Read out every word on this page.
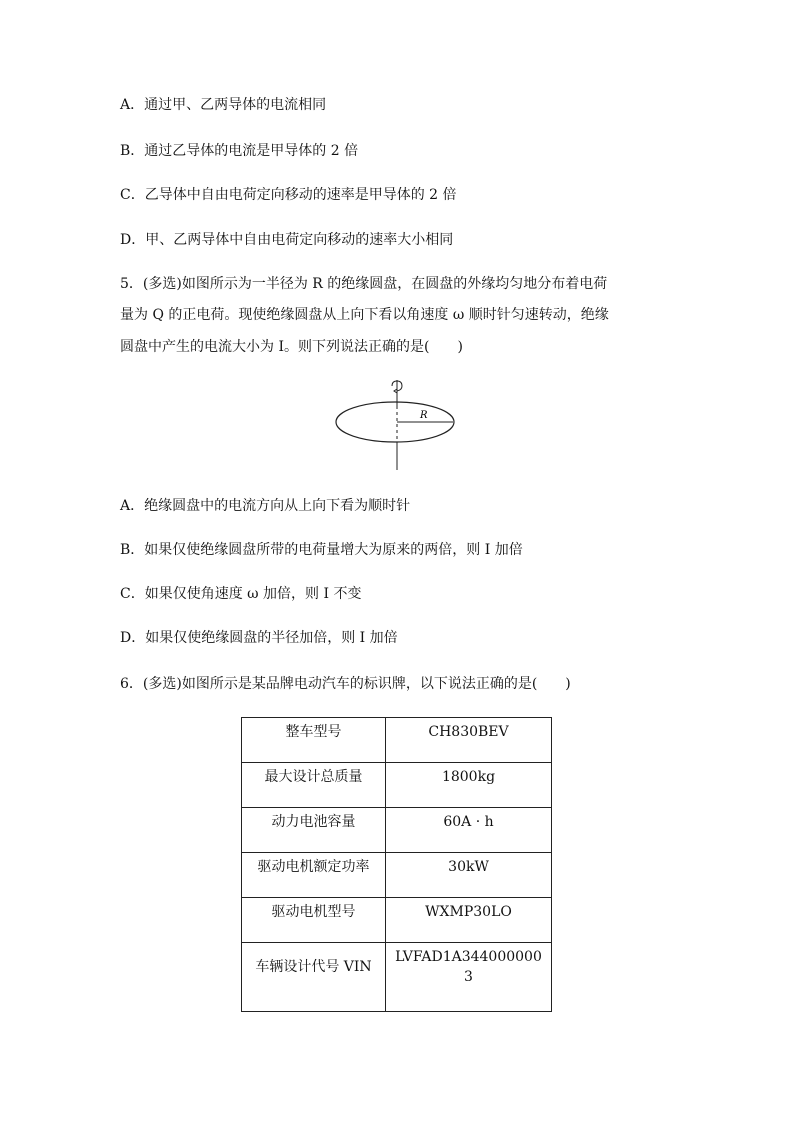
A．通过甲、乙两导体的电流相同
B．通过乙导体的电流是甲导体的 2 倍
C．乙导体中自由电荷定向移动的速率是甲导体的 2 倍
D．甲、乙两导体中自由电荷定向移动的速率大小相同
5．(多选)如图所示为一半径为 R 的绝缘圆盘，在圆盘的外缘均匀地分布着电荷
量为 Q 的正电荷。现使绝缘圆盘从上向下看以角速度 ω 顺时针匀速转动，绝缘
圆盘中产生的电流大小为 I。则下列说法正确的是(　　)
R
A．绝缘圆盘中的电流方向从上向下看为顺时针
B．如果仅使绝缘圆盘所带的电荷量增大为原来的两倍，则 I 加倍
C．如果仅使角速度 ω 加倍，则 I 不变
D．如果仅使绝缘圆盘的半径加倍，则 I 加倍
6．(多选)如图所示是某品牌电动汽车的标识牌，以下说法正确的是(　　)
整车型号	CH830BEV

最大设计总质量	1800kg

动力电池容量	60A · h

驱动电机额定功率	30kW

驱动电机型号	WXMP30LO

车辆设计代号 VIN	LVFAD1A3440000003
